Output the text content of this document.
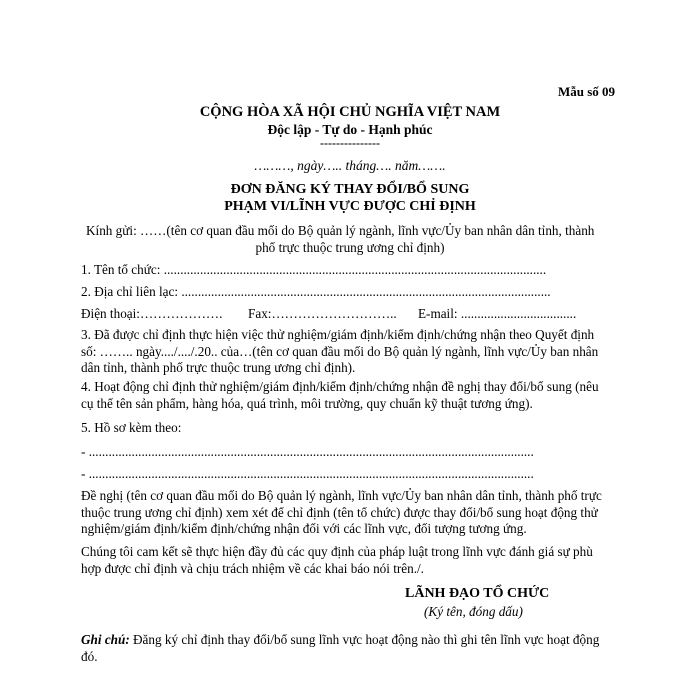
Mẫu số 09
CỘNG HÒA XÃ HỘI CHỦ NGHĨA VIỆT NAM
Độc lập - Tự do - Hạnh phúc
---------------
………, ngày….. tháng…. năm…….
ĐƠN ĐĂNG KÝ THAY ĐỔI/BỔ SUNG
PHẠM VI/LĨNH VỰC ĐƯỢC CHỈ ĐỊNH
Kính gửi: ……(tên cơ quan đầu mối do Bộ quản lý ngành, lĩnh vực/Ủy ban nhân dân tỉnh, thành
phố trực thuộc trung ương chỉ định)
1. Tên tổ chức: ....................................................................................................................
2. Địa chỉ liên lạc: ................................................................................................................
Điện thoại:………………. Fax:……………………….. E-mail: ...................................
3. Đã được chỉ định thực hiện việc thử nghiệm/giám định/kiểm định/chứng nhận theo Quyết định số: …….. ngày..../..../.20.. của…(tên cơ quan đầu mối do Bộ quản lý ngành, lĩnh vực/Ủy ban nhân dân tỉnh, thành phố trực thuộc trung ương chỉ định).
4. Hoạt động chỉ định thử nghiệm/giám định/kiểm định/chứng nhận đề nghị thay đổi/bổ sung (nêu cụ thể tên sản phẩm, hàng hóa, quá trình, môi trường, quy chuẩn kỹ thuật tương ứng).
5. Hồ sơ kèm theo:
- .......................................................................................................................................
- .......................................................................................................................................
Đề nghị (tên cơ quan đầu mối do Bộ quản lý ngành, lĩnh vực/Ủy ban nhân dân tỉnh, thành phố trực thuộc trung ương chỉ định) xem xét để chỉ định (tên tổ chức) được thay đổi/bổ sung hoạt động thử nghiệm/giám định/kiểm định/chứng nhận đối với các lĩnh vực, đối tượng tương ứng.
Chúng tôi cam kết sẽ thực hiện đầy đủ các quy định của pháp luật trong lĩnh vực đánh giá sự phù hợp được chỉ định và chịu trách nhiệm về các khai báo nói trên./.
LÃNH ĐẠO TỔ CHỨC
(Ký tên, đóng dấu)
Ghi chú: Đăng ký chỉ định thay đổi/bổ sung lĩnh vực hoạt động nào thì ghi tên lĩnh vực hoạt động đó.
